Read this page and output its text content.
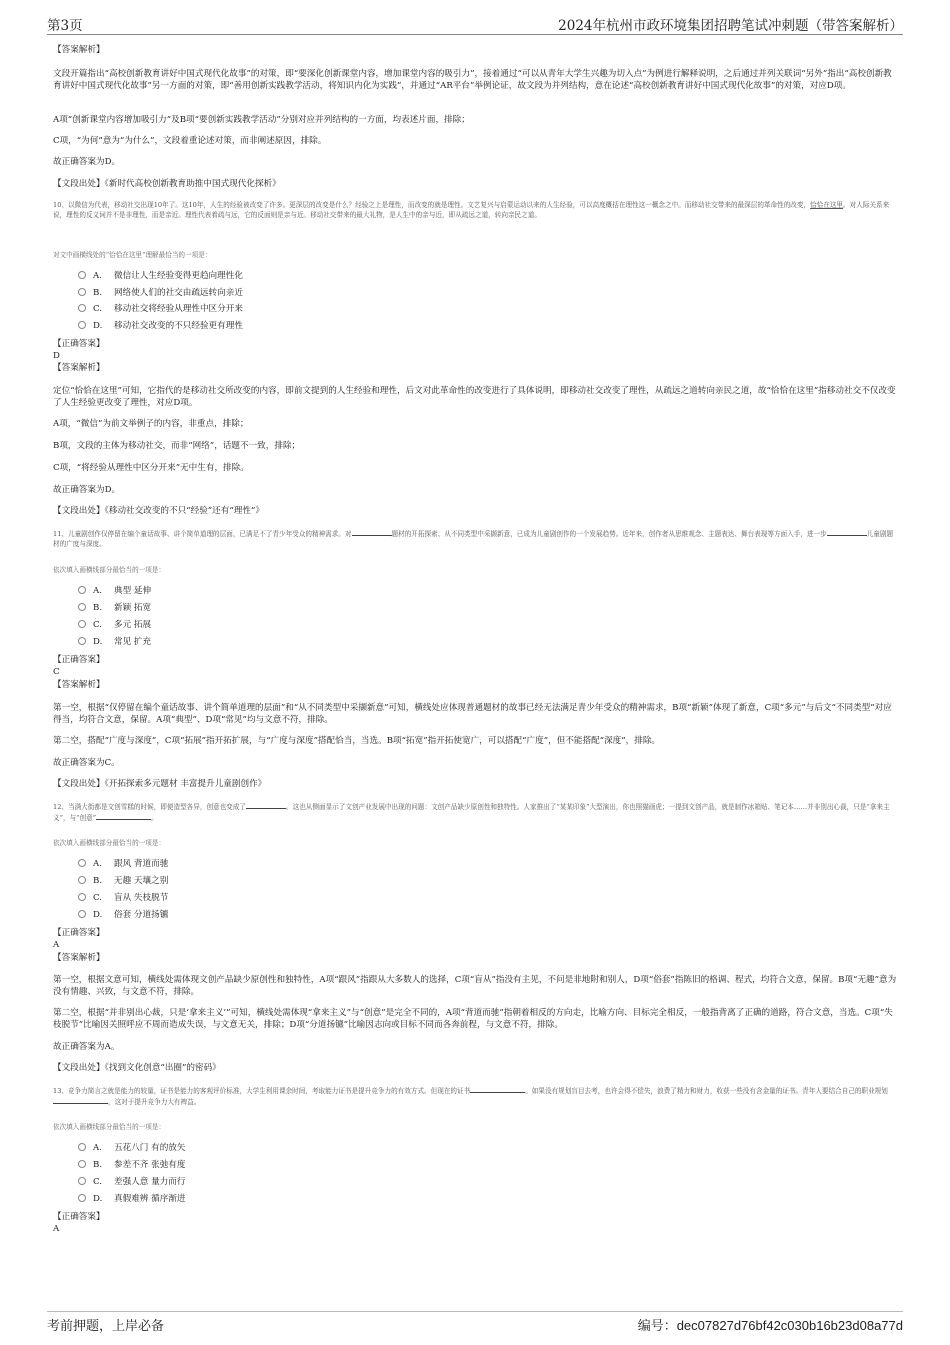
第3页	2024年杭州市政环境集团招聘笔试冲刺题（带答案解析）
【答案解析】
文段开篇指出“高校创新教育讲好中国式现代化故事”的对策，即“要深化创新课堂内容，增加课堂内容的吸引力”，接着通过“可以从青年大学生兴趣为切入点”为例进行解释说明，之后通过并列关联词“另外”指出“高校创新教育讲好中国式现代化故事”另一方面的对策，即“善用创新实践教学活动，将知识内化为实践”，并通过“AR平台”举例论证，故文段为并列结构，意在论述“高校创新教育讲好中国式现代化故事”的对策，对应D项。
A项“创新课堂内容增加吸引力”及B项“要创新实践教学活动”分别对应并列结构的一方面，均表述片面，排除；
C项，“为何”意为“为什么”，文段着重论述对策，而非阐述原因，排除。
故正确答案为D。
【文段出处】《新时代高校创新教育助推中国式现代化探析》
10、以微信为代表，移动社交出现10年了。这10年，人生的经验被改变了许多。更深层的改变是什么？经验之上是理性，而改变的就是理性。文艺复兴与启蒙运动以来的人生经验，可以高度概括在理性这一概念之中。而移动社交带来的最深层的革命性的改变，恰恰在这里。对人际关系来说，理性的反义词并不是非理性，而是亲近。理性代表着疏与远，它的反面则是亲与近。移动社交带来的最大礼物，是人生中的亲与近，即从疏远之道，转向亲民之道。
对文中画横线处的“恰恰在这里”理解最恰当的一项是：
A. 微信让人生经验变得更趋向理性化
B. 网络使人们的社交由疏远转向亲近
C. 移动社交将经验从理性中区分开来
D. 移动社交改变的不只经验更有理性
【正确答案】
D
【答案解析】
定位“恰恰在这里”可知，它指代的是移动社交所改变的内容，即前文提到的人生经验和理性，后文对此革命性的改变进行了具体说明，即移动社交改变了理性，从疏远之道转向亲民之道，故“恰恰在这里”指移动社交不仅改变了人生经验更改变了理性，对应D项。
A项，“微信”为前文举例子的内容，非重点，排除；
B项，文段的主体为移动社交，而非“网络”，话题不一致，排除；
C项，“将经验从理性中区分开来”无中生有，排除。
故正确答案为D。
【文段出处】《移动社交改变的不只“经验”还有“理性”》
11、儿童剧创作仅停留在编个童话故事、讲个简单道理的层面，已满足不了青少年受众的精神需求。对	题材的开拓探索、从不同类型中采撷新意，已成为儿童剧创作的一个发展趋势。近年来，创作者从思维观念、主题表达、舞台表现等方面入手，进一步	儿童剧题材的广度与深度。
依次填入画横线部分最恰当的一项是：
A. 典型 延伸
B. 新颖 拓宽
C. 多元 拓展
D. 常见 扩充
【正确答案】
C
【答案解析】
第一空，根据“仅停留在编个童话故事、讲个简单道理的层面”和“从不同类型中采撷新意”可知，横线处应体现普通题材的故事已经无法满足青少年受众的精神需求，B项“新颖”体现了新意，C项“多元”与后文“不同类型”对应得当，均符合文意，保留。A项“典型”、D项“常见”均与文意不符，排除。
第二空，搭配“广度与深度”，C项“拓展”指开拓扩展，与“广度与深度”搭配恰当，当选。B项“拓宽”指开拓使宽广，可以搭配“广度”，但不能搭配“深度”，排除。
故正确答案为C。
【文段出处】《开拓探索多元题材 丰富提升儿童剧创作》
12、当满大街都是文创雪糕的时候，即便造型各异，创意也变成了	。这也从侧面显示了文创产业发展中出现的问题：文创产品缺少原创性和独特性。人家推出了“某某印象”大型演出，你也照猫画虎；一提到文创产品，就是制作冰箱贴、笔记本……并非别出心裁，只是“拿来主义”，与“创意”	。
依次填入画横线部分最恰当的一项是：
A. 跟风 背道而驰
B. 无趣 天壤之别
C. 盲从 失枝脱节
D. 俗套 分道扬镳
【正确答案】
A
【答案解析】
第一空，根据文意可知，横线处需体现文创产品缺少原创性和独特性，A项“跟风”指跟从大多数人的选择，C项“盲从”指没有主见，不问是非地附和别人，D项“俗套”指陈旧的格调、程式，均符合文意，保留。B项“无趣”意为没有情趣、兴致，与文意不符，排除。
第二空，根据“并非别出心裁，只是‘拿来主义’”可知，横线处需体现“拿来主义”与“创意”是完全不同的，A项“背道而驰”指朝着相反的方向走，比喻方向、目标完全相反，一般指背离了正确的道路，符合文意，当选。C项“失枝脱节”比喻因关照呼应不周而造成失误，与文意无关，排除；D项“分道扬镳”比喻因志向或目标不同而各奔前程，与文意不符，排除。
故正确答案为A。
【文段出处】《找到文化创意“出圈”的密码》
13、竞争力简言之就是能力的较量，证书是能力的客观评价标准，大学生利用课余时间，考取能力证书是提升竞争力的有效方式。但现在的证书	。如果没有规划盲目去考，也许会得不偿失，浪费了精力和财力，收获一些没有含金量的证书。青年人要结合自己的职业规划，这对于提升竞争力大有裨益。
依次填入画横线部分最恰当的一项是：
A. 五花八门 有的放矢
B. 参差不齐 张弛有度
C. 差强人意 量力而行
D. 真假难辨 循序渐进
【正确答案】
A
考前押题，上岸必备	编号：dec07827d76bf42c030b16b23d08a77d
